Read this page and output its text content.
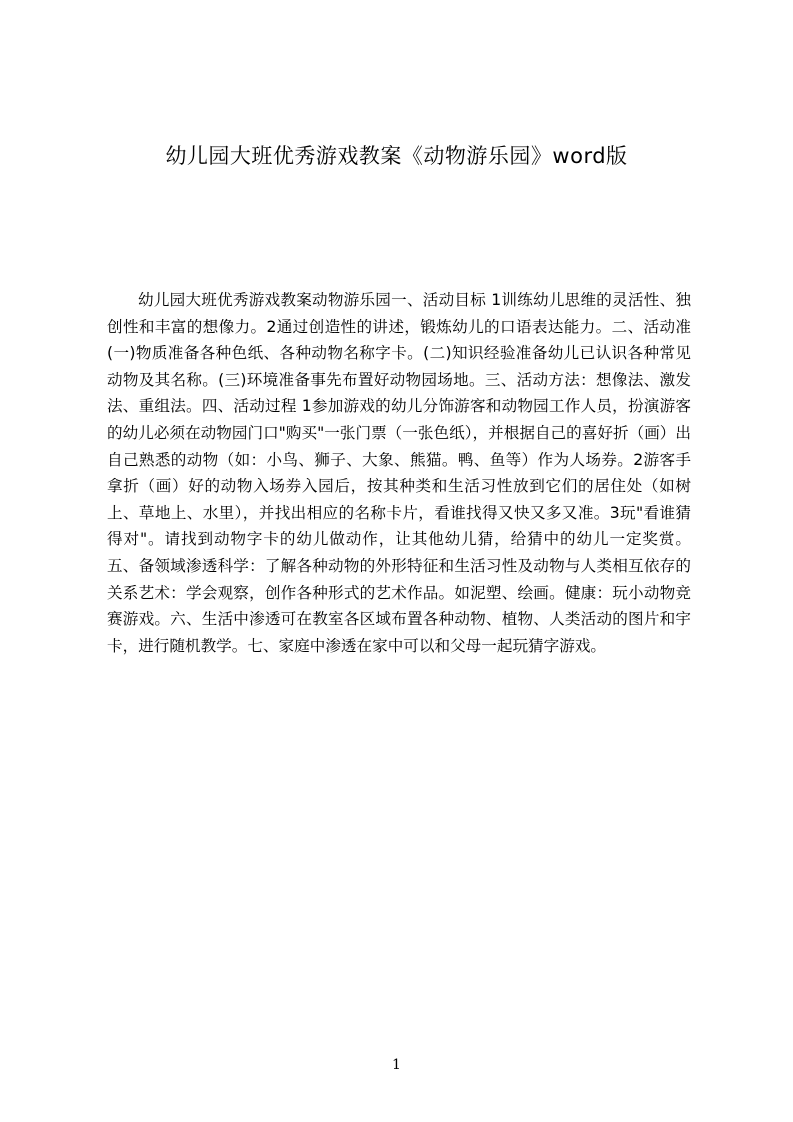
幼儿园大班优秀游戏教案《动物游乐园》word版

幼儿园大班优秀游戏教案动物游乐园一、活动目标 1训练幼儿思维的灵活性、独创性和丰富的想像力。2通过创造性的讲述，锻炼幼儿的口语表达能力。二、活动准(一)物质准备各种色纸、各种动物名称字卡。(二)知识经验准备幼儿已认识各种常见动物及其名称。(三)环境准备事先布置好动物园场地。三、活动方法：想像法、激发法、重组法。四、活动过程 1参加游戏的幼儿分饰游客和动物园工作人员，扮演游客的幼儿必须在动物园门口"购买"一张门票（一张色纸），并根据自己的喜好折（画）出自己熟悉的动物（如：小鸟、狮子、大象、熊猫。鸭、鱼等）作为人场券。2游客手拿折（画）好的动物入场券入园后，按其种类和生活习性放到它们的居住处（如树上、草地上、水里），并找出相应的名称卡片，看谁找得又快又多又准。3玩"看谁猜得对"。请找到动物字卡的幼儿做动作，让其他幼儿猜，给猜中的幼儿一定奖赏。五、备领域渗透科学：了解各种动物的外形特征和生活习性及动物与人类相互依存的关系艺术：学会观察，创作各种形式的艺术作品。如泥塑、绘画。健康：玩小动物竞赛游戏。六、生活中渗透可在教室各区域布置各种动物、植物、人类活动的图片和宇卡，进行随机教学。七、家庭中渗透在家中可以和父母一起玩猜字游戏。

1
